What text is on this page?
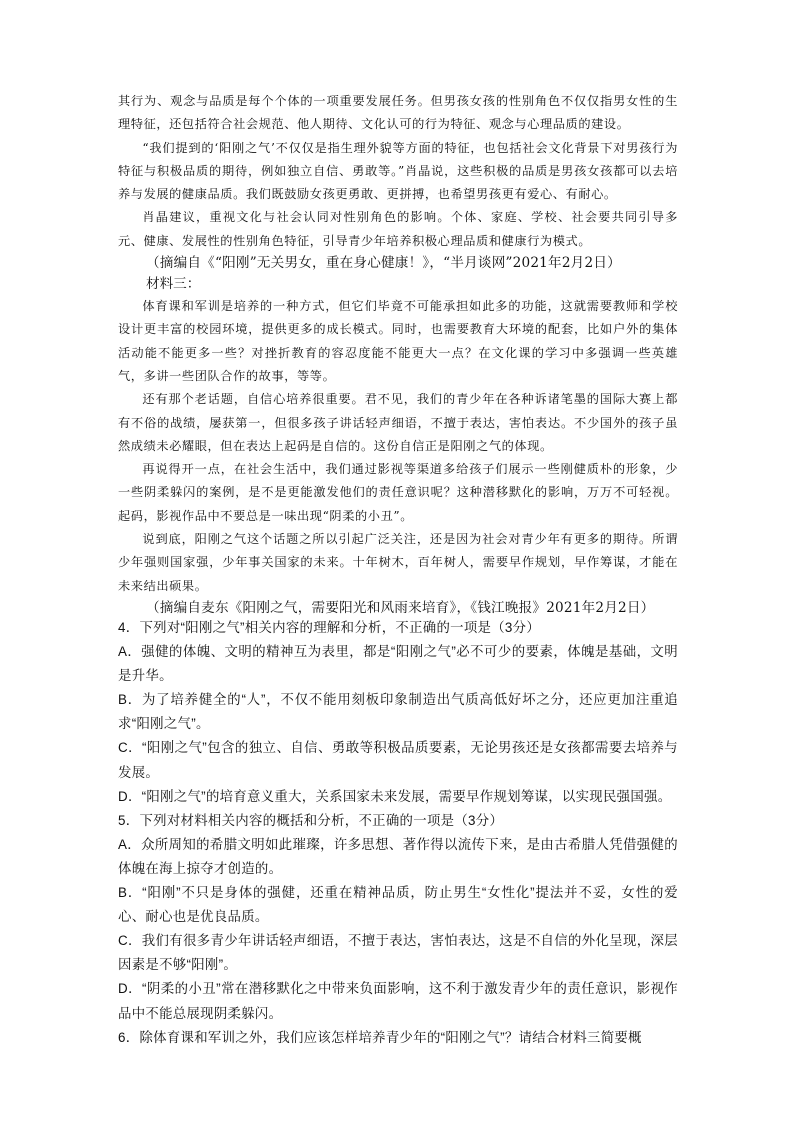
其行为、观念与品质是每个个体的一项重要发展任务。但男孩女孩的性别角色不仅仅指男女性的生理特征，还包括符合社会规范、他人期待、文化认可的行为特征、观念与心理品质的建设。

“我们提到的‘阳刚之气’不仅仅是指生理外貌等方面的特征，也包括社会文化背景下对男孩行为特征与积极品质的期待，例如独立自信、勇敢等。”肖晶说，这些积极的品质是男孩女孩都可以去培养与发展的健康品质。我们既鼓励女孩更勇敢、更拼搏，也希望男孩更有爱心、有耐心。

肖晶建议，重视文化与社会认同对性别角色的影响。个体、家庭、学校、社会要共同引导多元、健康、发展性的性别角色特征，引导青少年培养积极心理品质和健康行为模式。

（摘编自《“阳刚”无关男女，重在身心健康！》，“半月谈网”2021年2月2日）

材料三：

体育课和军训是培养的一种方式，但它们毕竟不可能承担如此多的功能，这就需要教师和学校设计更丰富的校园环境，提供更多的成长模式。同时，也需要教育大环境的配套，比如户外的集体活动能不能更多一些？对挫折教育的容忍度能不能更大一点？在文化课的学习中多强调一些英雄气，多讲一些团队合作的故事，等等。

还有那个老话题，自信心培养很重要。君不见，我们的青少年在各种诉诸笔墨的国际大赛上都有不俗的战绩，屡获第一，但很多孩子讲话轻声细语，不擅于表达，害怕表达。不少国外的孩子虽然成绩未必耀眼，但在表达上起码是自信的。这份自信正是阳刚之气的体现。

再说得开一点，在社会生活中，我们通过影视等渠道多给孩子们展示一些刚健质朴的形象，少一些阴柔躲闪的案例，是不是更能激发他们的责任意识呢？这种潜移默化的影响，万万不可轻视。起码，影视作品中不要总是一味出现“阴柔的小丑”。

说到底，阳刚之气这个话题之所以引起广泛关注，还是因为社会对青少年有更多的期待。所谓少年强则国家强，少年事关国家的未来。十年树木，百年树人，需要早作规划，早作筹谋，才能在未来结出硕果。

（摘编自麦东《阳刚之气，需要阳光和风雨来培育》，《钱江晚报》2021年2月2日）

4．下列对“阳刚之气”相关内容的理解和分析，不正确的一项是（3分）

A．强健的体魄、文明的精神互为表里，都是“阳刚之气”必不可少的要素，体魄是基础，文明是升华。

B．为了培养健全的“人”，不仅不能用刻板印象制造出气质高低好坏之分，还应更加注重追求“阳刚之气”。

C．“阳刚之气”包含的独立、自信、勇敢等积极品质要素，无论男孩还是女孩都需要去培养与发展。

D．“阳刚之气”的培育意义重大，关系国家未来发展，需要早作规划筹谋，以实现民强国强。

5．下列对材料相关内容的概括和分析，不正确的一项是（3分）

A．众所周知的希腊文明如此璀璨，许多思想、著作得以流传下来，是由古希腊人凭借强健的体魄在海上掠夺才创造的。

B．“阳刚”不只是身体的强健，还重在精神品质，防止男生“女性化”提法并不妥，女性的爱心、耐心也是优良品质。

C．我们有很多青少年讲话轻声细语，不擅于表达，害怕表达，这是不自信的外化呈现，深层因素是不够“阳刚”。

D．“阴柔的小丑”常在潜移默化之中带来负面影响，这不利于激发青少年的责任意识，影视作品中不能总展现阴柔躲闪。

6．除体育课和军训之外，我们应该怎样培养青少年的“阳刚之气”？请结合材料三简要概
